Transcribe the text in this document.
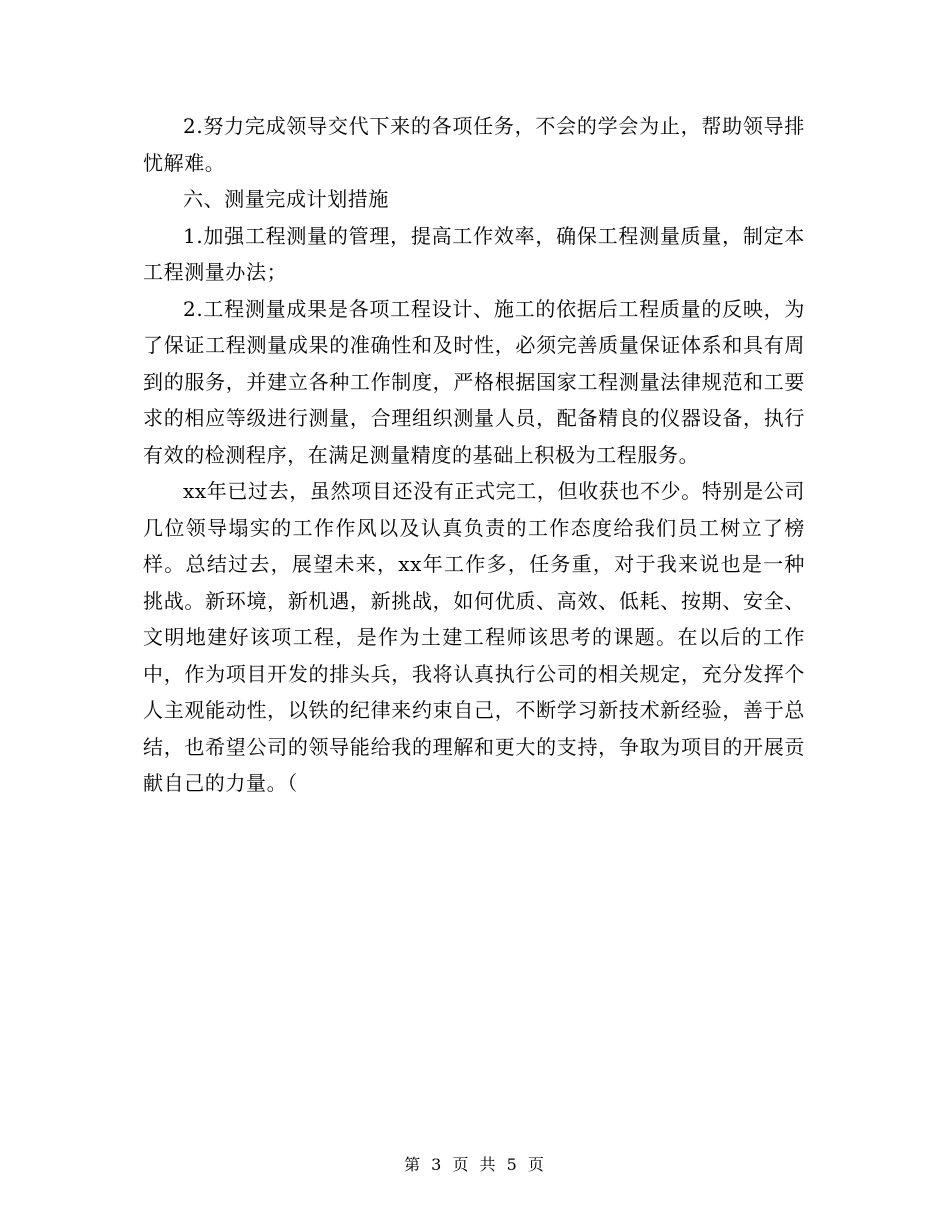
2.努力完成领导交代下来的各项任务，不会的学会为止，帮助领导排忧解难。

六、测量完成计划措施

1.加强工程测量的管理，提高工作效率，确保工程测量质量，制定本工程测量办法；

2.工程测量成果是各项工程设计、施工的依据后工程质量的反映，为了保证工程测量成果的准确性和及时性，必须完善质量保证体系和具有周到的服务，并建立各种工作制度，严格根据国家工程测量法律规范和工要求的相应等级进行测量，合理组织测量人员，配备精良的仪器设备，执行有效的检测程序，在满足测量精度的基础上积极为工程服务。

xx年已过去，虽然项目还没有正式完工，但收获也不少。特别是公司几位领导塌实的工作作风以及认真负责的工作态度给我们员工树立了榜样。总结过去，展望未来，xx年工作多，任务重，对于我来说也是一种挑战。新环境，新机遇，新挑战，如何优质、高效、低耗、按期、安全、文明地建好该项工程，是作为土建工程师该思考的课题。在以后的工作中，作为项目开发的排头兵，我将认真执行公司的相关规定，充分发挥个人主观能动性，以铁的纪律来约束自己，不断学习新技术新经验，善于总结，也希望公司的领导能给我的理解和更大的支持，争取为项目的开展贡献自己的力量。（

第 3 页 共 5 页
